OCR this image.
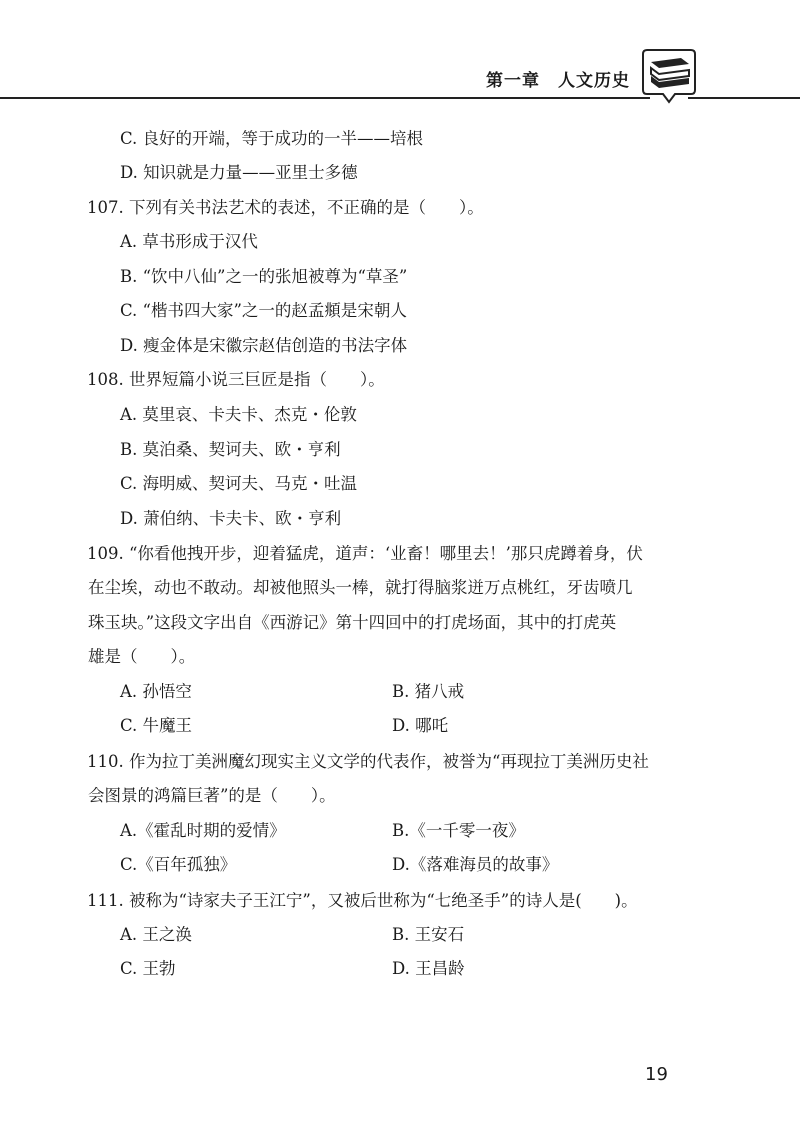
第一章　人文历史
C. 良好的开端，等于成功的一半——培根
D. 知识就是力量——亚里士多德
107. 下列有关书法艺术的表述，不正确的是（　　）。
A. 草书形成于汉代
B. “饮中八仙”之一的张旭被尊为“草圣”
C. “楷书四大家”之一的赵孟頫是宋朝人
D. 瘦金体是宋徽宗赵佶创造的书法字体
108. 世界短篇小说三巨匠是指（　　）。
A. 莫里哀、卡夫卡、杰克・伦敦
B. 莫泊桑、契诃夫、欧・亨利
C. 海明威、契诃夫、马克・吐温
D. 萧伯纳、卡夫卡、欧・亨利
109. “你看他拽开步，迎着猛虎，道声：‘业畜！哪里去！’那只虎蹲着身，伏
在尘埃，动也不敢动。却被他照头一棒，就打得脑浆迸万点桃红，牙齿喷几
珠玉块。”这段文字出自《西游记》第十四回中的打虎场面，其中的打虎英
雄是（　　）。
A. 孙悟空	B. 猪八戒
C. 牛魔王	D. 哪吒
110. 作为拉丁美洲魔幻现实主义文学的代表作，被誉为“再现拉丁美洲历史社
会图景的鸿篇巨著”的是（　　）。
A.《霍乱时期的爱情》	B.《一千零一夜》
C.《百年孤独》	D.《落难海员的故事》
111. 被称为“诗家夫子王江宁”，又被后世称为“七绝圣手”的诗人是(　　)。
A. 王之涣	B. 王安石
C. 王勃	D. 王昌龄
19
